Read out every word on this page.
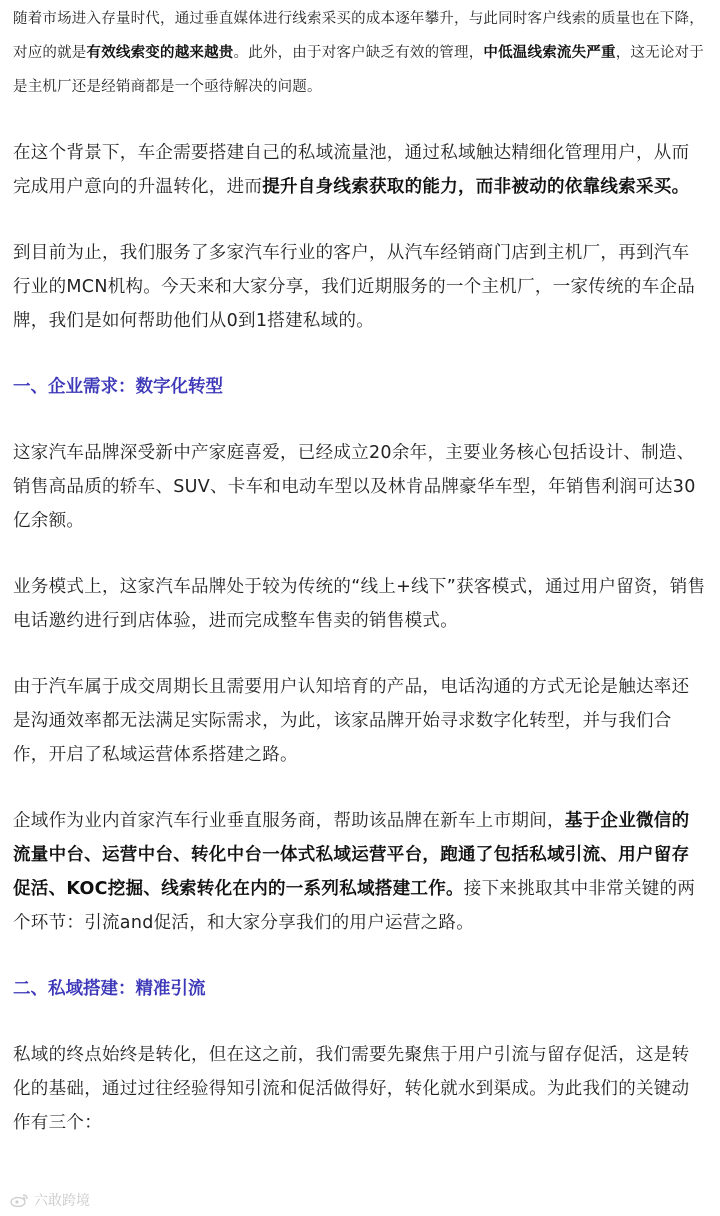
随着市场进入存量时代，通过垂直媒体进行线索采买的成本逐年攀升，与此同时客户线索的质量也在下降，对应的就是有效线索变的越来越贵。此外，由于对客户缺乏有效的管理，中低温线索流失严重，这无论对于是主机厂还是经销商都是一个亟待解决的问题。

在这个背景下，车企需要搭建自己的私域流量池，通过私域触达精细化管理用户，从而完成用户意向的升温转化，进而提升自身线索获取的能力，而非被动的依靠线索采买。

到目前为止，我们服务了多家汽车行业的客户，从汽车经销商门店到主机厂，再到汽车行业的MCN机构。今天来和大家分享，我们近期服务的一个主机厂，一家传统的车企品牌，我们是如何帮助他们从0到1搭建私域的。

一、企业需求：数字化转型

这家汽车品牌深受新中产家庭喜爱，已经成立20余年，主要业务核心包括设计、制造、销售高品质的轿车、SUV、卡车和电动车型以及林肯品牌豪华车型，年销售利润可达30亿余额。

业务模式上，这家汽车品牌处于较为传统的“线上+线下”获客模式，通过用户留资，销售电话邀约进行到店体验，进而完成整车售卖的销售模式。

由于汽车属于成交周期长且需要用户认知培育的产品，电话沟通的方式无论是触达率还是沟通效率都无法满足实际需求，为此，该家品牌开始寻求数字化转型，并与我们合作，开启了私域运营体系搭建之路。

企域作为业内首家汽车行业垂直服务商，帮助该品牌在新车上市期间，基于企业微信的流量中台、运营中台、转化中台一体式私域运营平台，跑通了包括私域引流、用户留存促活、KOC挖掘、线索转化在内的一系列私域搭建工作。接下来挑取其中非常关键的两个环节：引流and促活，和大家分享我们的用户运营之路。

二、私域搭建：精准引流

私域的终点始终是转化，但在这之前，我们需要先聚焦于用户引流与留存促活，这是转化的基础，通过过往经验得知引流和促活做得好，转化就水到渠成。为此我们的关键动作有三个：

六敢跨境
